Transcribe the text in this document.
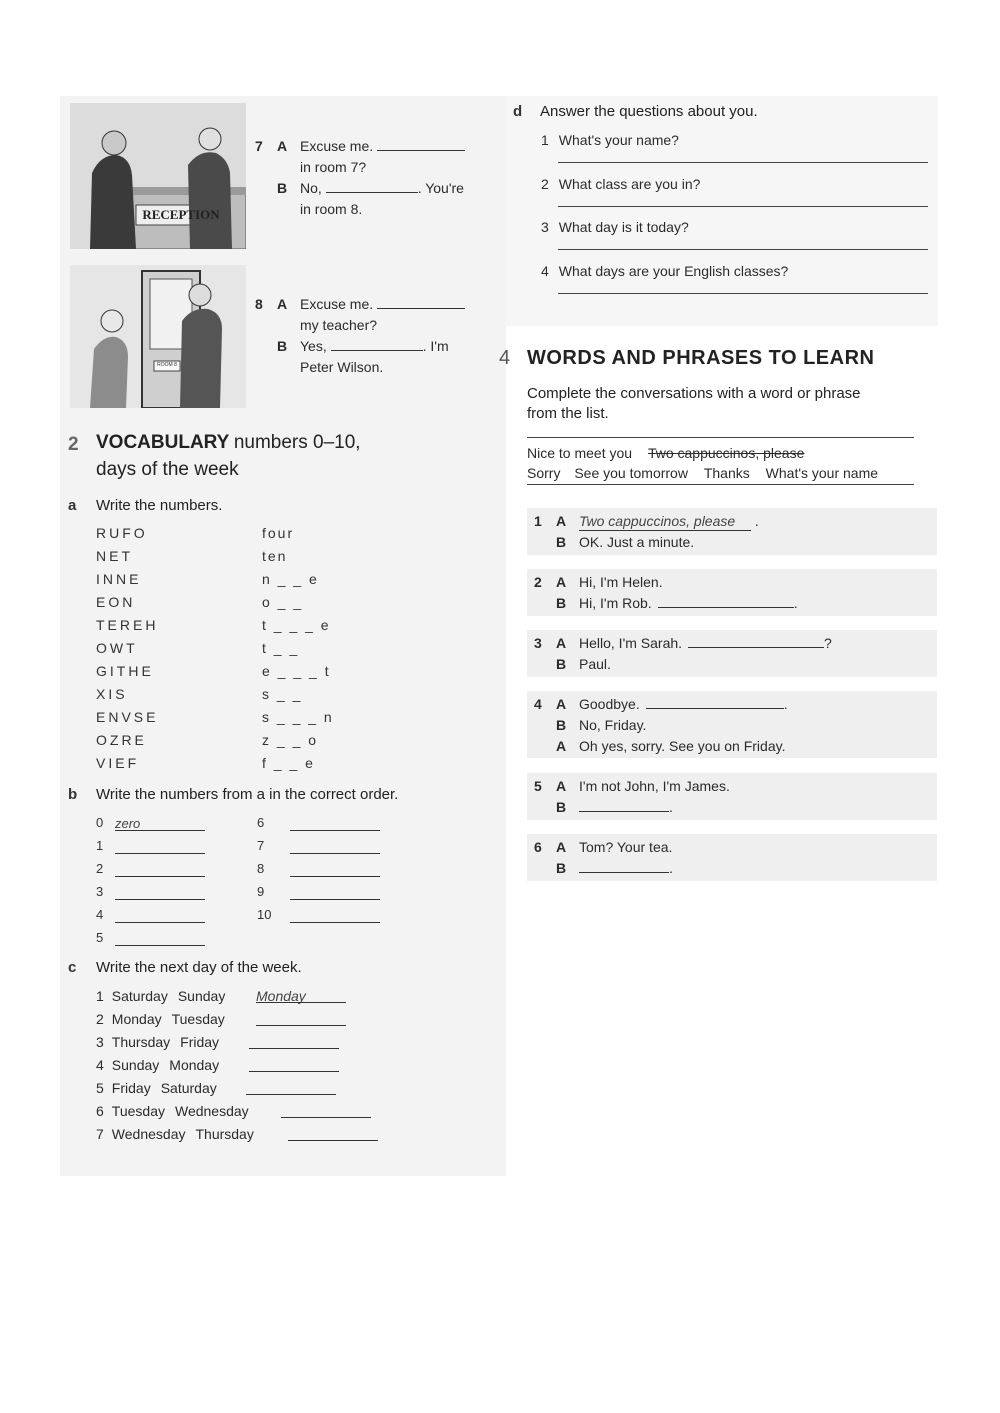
RECEPTION
ROOM 8
7 A Excuse me.
in room 7?
B No,	. You're
in room 8.
8 A Excuse me.
my teacher?
B Yes,	. I'm
Peter Wilson.
2 VOCABULARY numbers 0–10,
days of the week
a Write the numbers.
RUFO	four
NET	ten
INNE	n _ _ e
EON	o _ _
TEREH	t _ _ _ e
OWT	t _ _
GITHE	e _ _ _ t
XIS	s _ _
ENVSE	s _ _ _ n
OZRE	z _ _ o
VIEF	f _ _ e
b Write the numbers from a in the correct order.
0 zero
1
2
3
4
5
6
7
8
9
10
c Write the next day of the week.
1 Saturday Sunday Monday
2 Monday Tuesday
3 Thursday Friday
4 Sunday Monday
5 Friday Saturday
6 Tuesday Wednesday
7 Wednesday Thursday
d Answer the questions about you.
1 What's your name?
2 What class are you in?
3 What day is it today?
4 What days are your English classes?
4 WORDS AND PHRASES TO LEARN
Complete the conversations with a word or phrase
from the list.
Nice to meet you Two cappuccinos, please
Sorry See you tomorrow Thanks What's your name
1 A Two cappuccinos, please .
B OK. Just a minute.
2 A Hi, I'm Helen.
B Hi, I'm Rob.	.
3 A Hello, I'm Sarah.	?
B Paul.
4 A Goodbye.	.
B No, Friday.
A Oh yes, sorry. See you on Friday.
5 A I'm not John, I'm James.
B	.
6 A Tom? Your tea.
B	.
